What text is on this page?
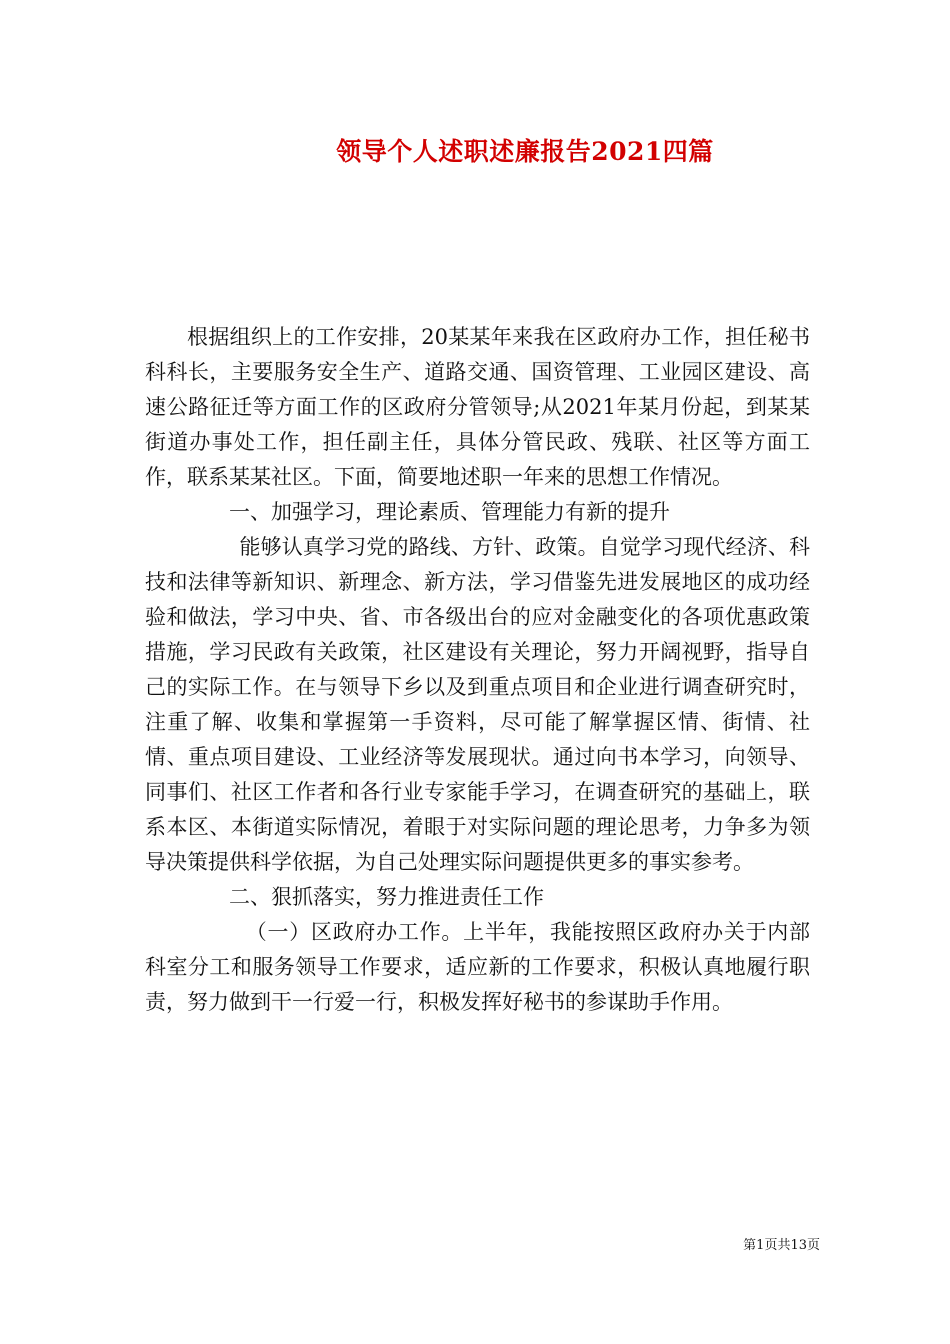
领导个人述职述廉报告2021四篇

根据组织上的工作安排，20某某年来我在区政府办工作，担任秘书科科长，主要服务安全生产、道路交通、国资管理、工业园区建设、高速公路征迁等方面工作的区政府分管领导;从2021年某月份起，到某某街道办事处工作，担任副主任，具体分管民政、残联、社区等方面工作，联系某某社区。下面，简要地述职一年来的思想工作情况。

一、加强学习，理论素质、管理能力有新的提升

能够认真学习党的路线、方针、政策。自觉学习现代经济、科技和法律等新知识、新理念、新方法，学习借鉴先进发展地区的成功经验和做法，学习中央、省、市各级出台的应对金融变化的各项优惠政策措施，学习民政有关政策，社区建设有关理论，努力开阔视野，指导自己的实际工作。在与领导下乡以及到重点项目和企业进行调查研究时，注重了解、收集和掌握第一手资料，尽可能了解掌握区情、街情、社情、重点项目建设、工业经济等发展现状。通过向书本学习，向领导、同事们、社区工作者和各行业专家能手学习，在调查研究的基础上，联系本区、本街道实际情况，着眼于对实际问题的理论思考，力争多为领导决策提供科学依据，为自己处理实际问题提供更多的事实参考。

二、狠抓落实，努力推进责任工作

（一）区政府办工作。上半年，我能按照区政府办关于内部科室分工和服务领导工作要求，适应新的工作要求，积极认真地履行职责，努力做到干一行爱一行，积极发挥好秘书的参谋助手作用。

第1页共13页
